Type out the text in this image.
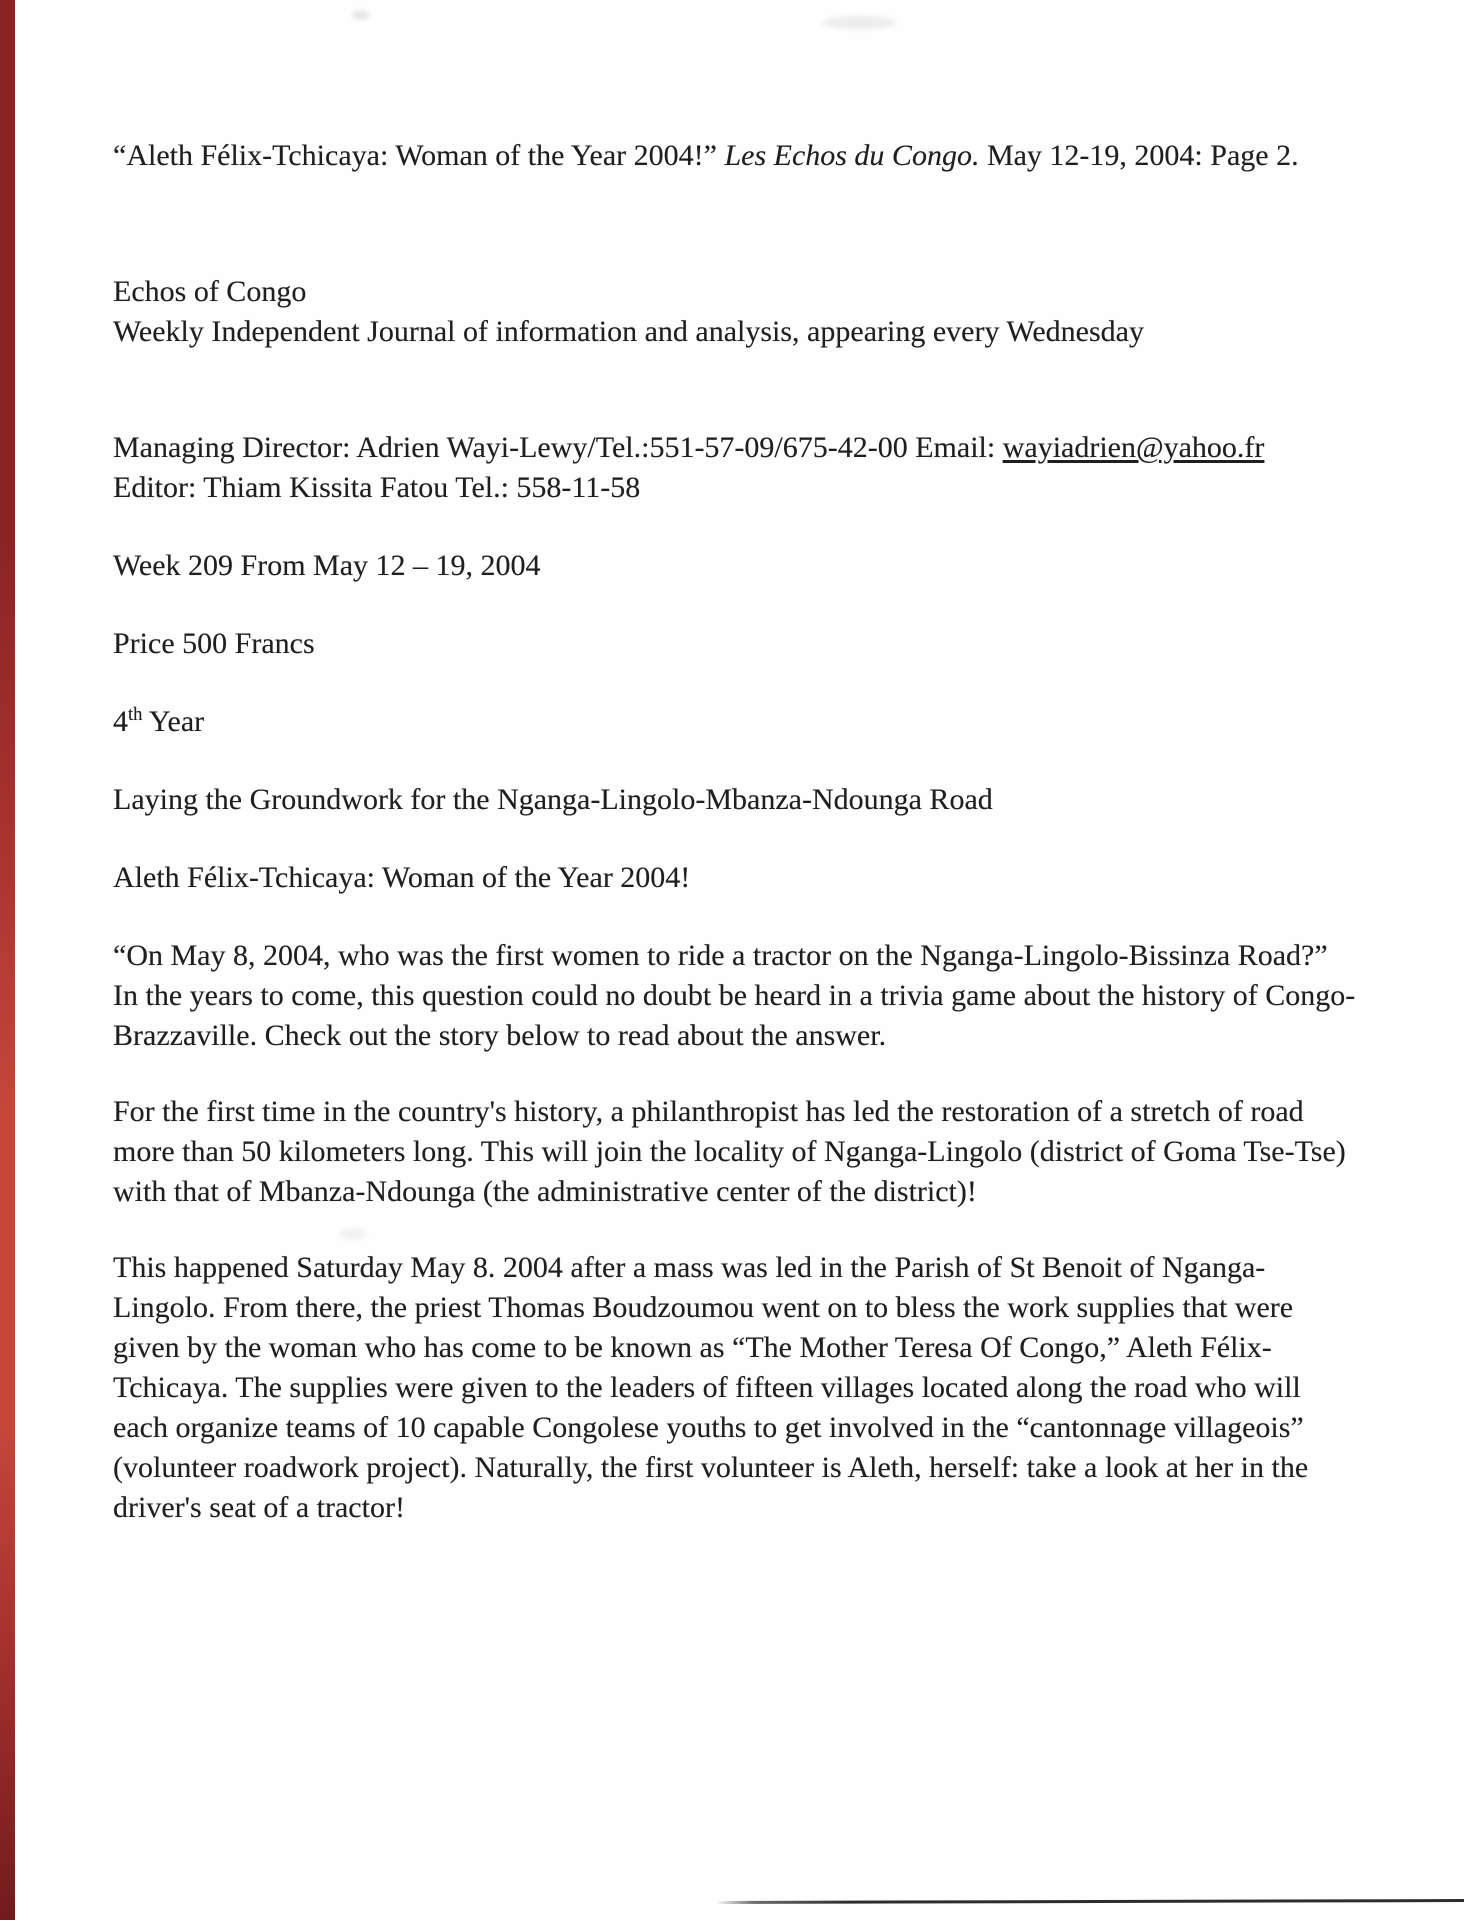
“Aleth Félix-Tchicaya: Woman of the Year 2004!” Les Echos du Congo. May 12-19, 2004: Page 2.
Echos of Congo
Weekly Independent Journal of information and analysis, appearing every Wednesday
Managing Director: Adrien Wayi-Lewy/Tel.:551-57-09/675-42-00 Email: wayiadrien@yahoo.fr
Editor: Thiam Kissita Fatou Tel.: 558-11-58
Week 209 From May 12 – 19, 2004
Price 500 Francs
4th Year
Laying the Groundwork for the Nganga-Lingolo-Mbanza-Ndounga Road
Aleth Félix-Tchicaya: Woman of the Year 2004!
“On May 8, 2004, who was the first women to ride a tractor on the Nganga-Lingolo-Bissinza Road?”
In the years to come, this question could no doubt be heard in a trivia game about the history of Congo-
Brazzaville. Check out the story below to read about the answer.
For the first time in the country's history, a philanthropist has led the restoration of a stretch of road
more than 50 kilometers long. This will join the locality of Nganga-Lingolo (district of Goma Tse-Tse)
with that of Mbanza-Ndounga (the administrative center of the district)!
This happened Saturday May 8. 2004 after a mass was led in the Parish of St Benoit of Nganga-
Lingolo. From there, the priest Thomas Boudzoumou went on to bless the work supplies that were
given by the woman who has come to be known as “The Mother Teresa Of Congo,” Aleth Félix-
Tchicaya. The supplies were given to the leaders of fifteen villages located along the road who will
each organize teams of 10 capable Congolese youths to get involved in the “cantonnage villageois”
(volunteer roadwork project). Naturally, the first volunteer is Aleth, herself: take a look at her in the
driver's seat of a tractor!
